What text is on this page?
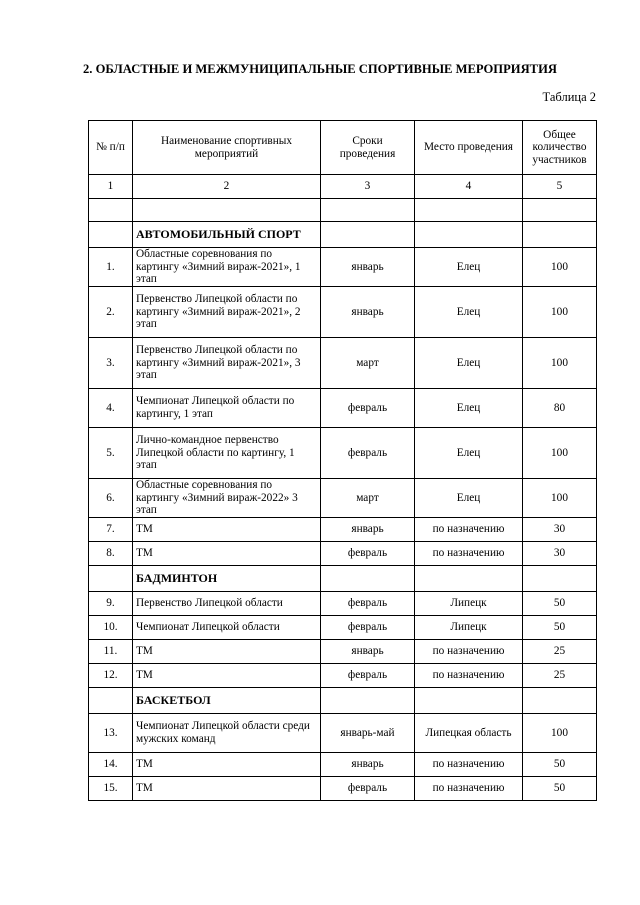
2. ОБЛАСТНЫЕ И МЕЖМУНИЦИПАЛЬНЫЕ СПОРТИВНЫЕ МЕРОПРИЯТИЯ
Таблица 2
№ п/п	Наименование спортивных мероприятий	Сроки проведения	Место проведения	Общее количество участников
1	2	3	4	5

	АВТОМОБИЛЬНЫЙ СПОРТ			
1.	Областные соревнования по картингу «Зимний вираж-2021», 1 этап	январь	Елец	100
2.	Первенство Липецкой области по картингу «Зимний вираж-2021», 2 этап	январь	Елец	100
3.	Первенство Липецкой области по картингу «Зимний вираж-2021», 3 этап	март	Елец	100
4.	Чемпионат Липецкой области по картингу, 1 этап	февраль	Елец	80
5.	Лично-командное первенство Липецкой области по картингу, 1 этап	февраль	Елец	100
6.	Областные соревнования по картингу «Зимний вираж-2022» 3 этап	март	Елец	100
7.	ТМ	январь	по назначению	30
8.	ТМ	февраль	по назначению	30
	БАДМИНТОН			
9.	Первенство Липецкой области	февраль	Липецк	50
10.	Чемпионат Липецкой области	февраль	Липецк	50
11.	ТМ	январь	по назначению	25
12.	ТМ	февраль	по назначению	25
	БАСКЕТБОЛ			
13.	Чемпионат Липецкой области среди мужских команд	январь-май	Липецкая область	100
14.	ТМ	январь	по назначению	50
15.	ТМ	февраль	по назначению	50
